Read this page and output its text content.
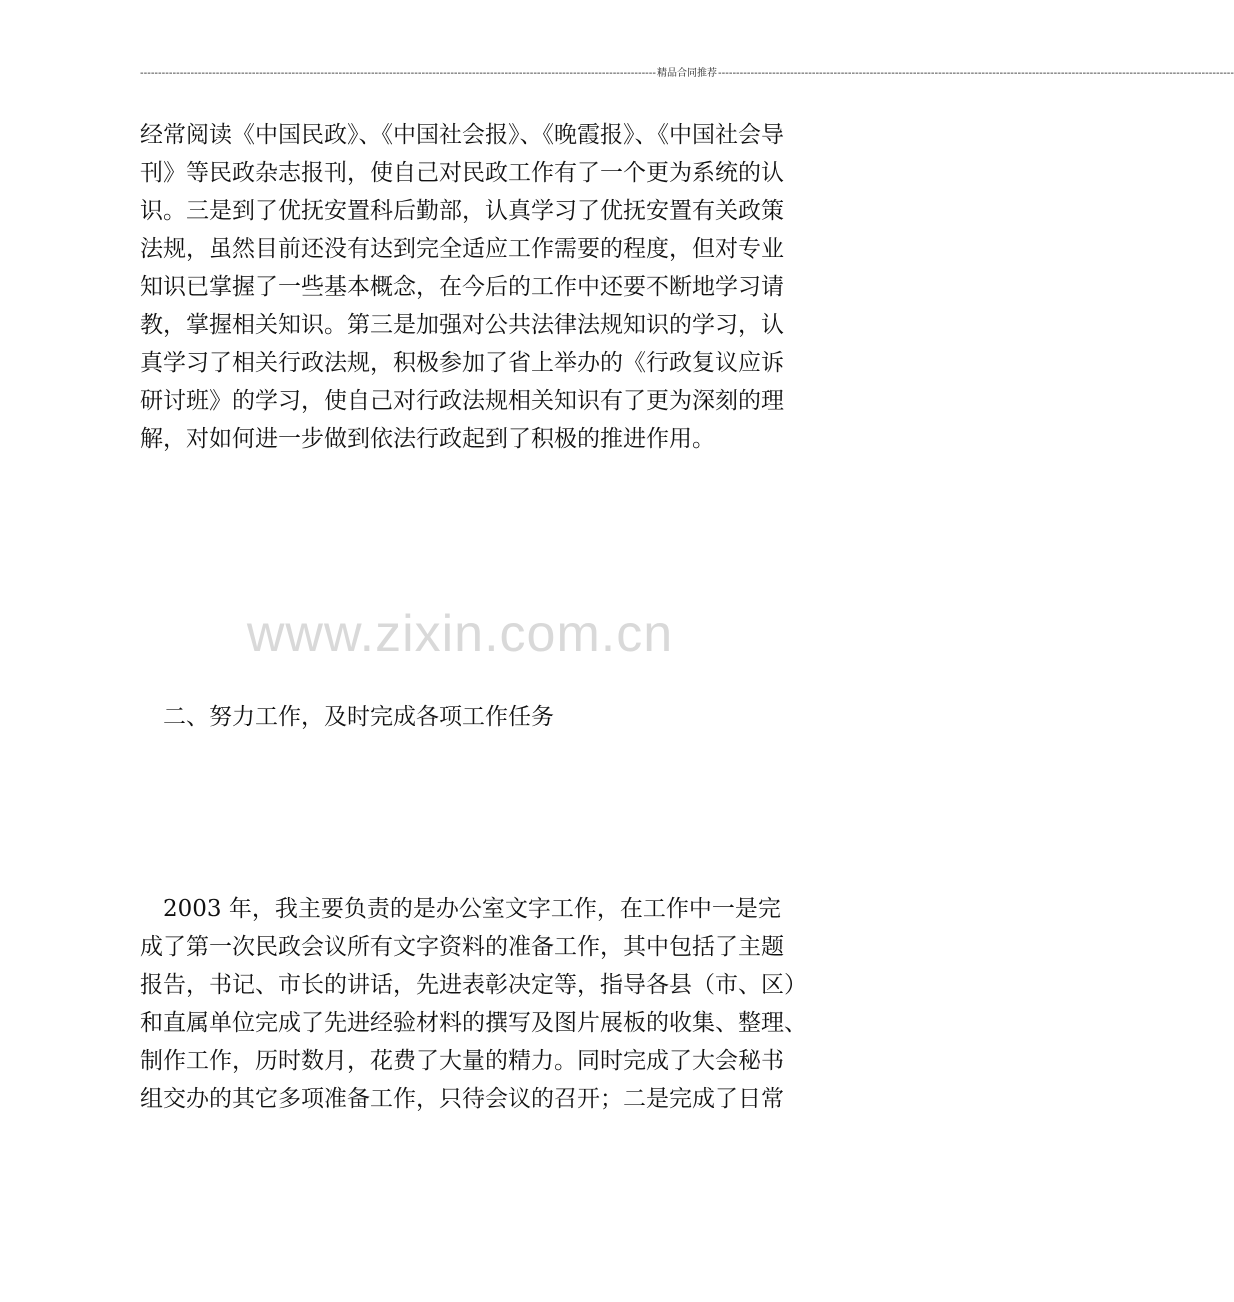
----------------------------------------------------------------------------------------------------------------------------------------------- 精品合同推荐 -----------------------------------------------------------------------------------------------------------------------------------------------
经常阅读《中国民政》、《中国社会报》、《晚霞报》、《中国社会导
刊》等民政杂志报刊，使自己对民政工作有了一个更为系统的认
识。三是到了优抚安置科后勤部，认真学习了优抚安置有关政策
法规，虽然目前还没有达到完全适应工作需要的程度，但对专业
知识已掌握了一些基本概念，在今后的工作中还要不断地学习请
教，掌握相关知识。第三是加强对公共法律法规知识的学习，认
真学习了相关行政法规，积极参加了省上举办的《行政复议应诉
研讨班》的学习，使自己对行政法规相关知识有了更为深刻的理
解，对如何进一步做到依法行政起到了积极的推进作用。
www.zixin.com.cn
二、努力工作，及时完成各项工作任务
　2003 年，我主要负责的是办公室文字工作，在工作中一是完
成了第一次民政会议所有文字资料的准备工作，其中包括了主题
报告，书记、市长的讲话，先进表彰决定等，指导各县（市、区）
和直属单位完成了先进经验材料的撰写及图片展板的收集、整理、
制作工作，历时数月，花费了大量的精力。同时完成了大会秘书
组交办的其它多项准备工作，只待会议的召开；二是完成了日常
